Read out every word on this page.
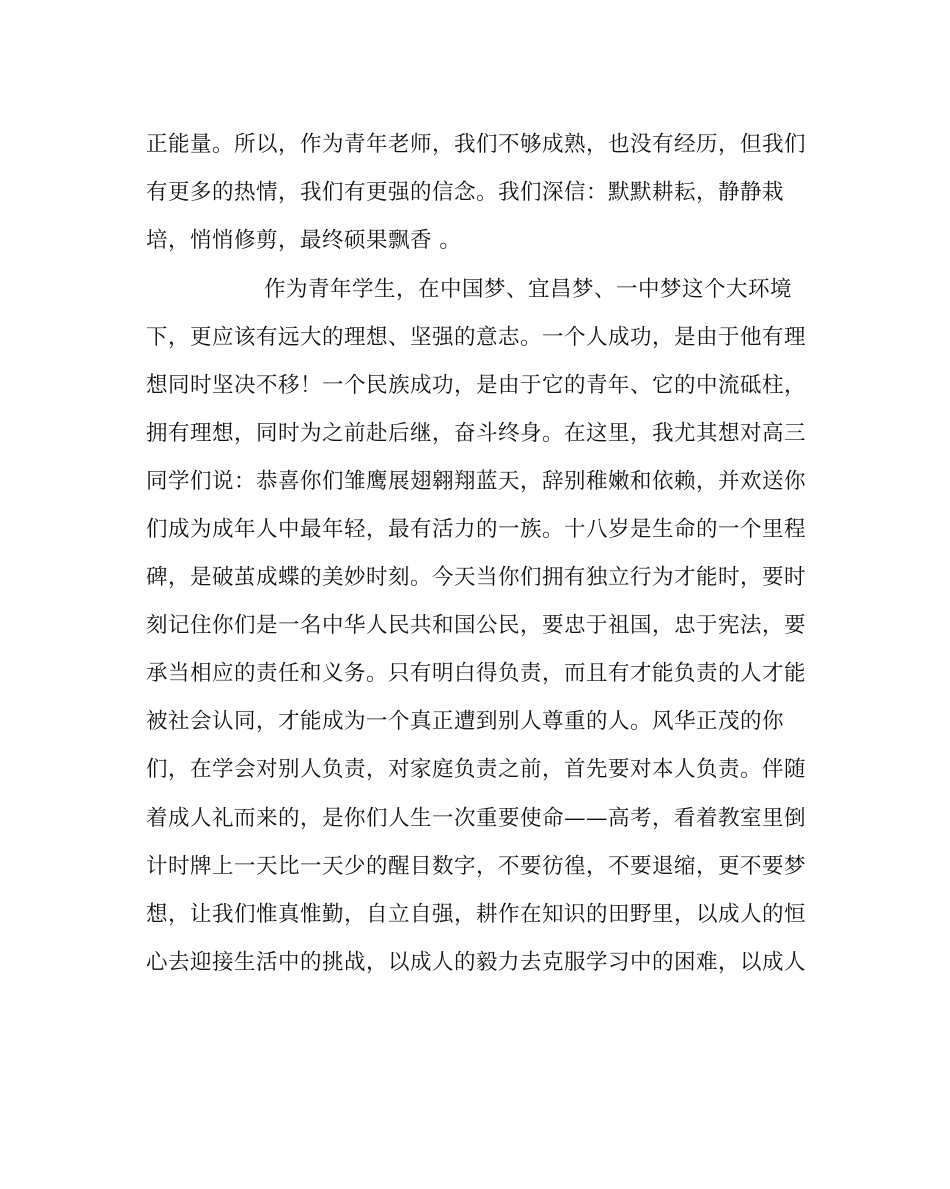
正能量。所以，作为青年老师，我们不够成熟，也没有经历，但我们
有更多的热情，我们有更强的信念。我们深信：默默耕耘，静静栽
培，悄悄修剪，最终硕果飘香 。
作为青年学生，在中国梦、宜昌梦、一中梦这个大环境
下，更应该有远大的理想、坚强的意志。一个人成功，是由于他有理
想同时坚决不移！一个民族成功，是由于它的青年、它的中流砥柱，
拥有理想，同时为之前赴后继，奋斗终身。在这里，我尤其想对高三
同学们说：恭喜你们雏鹰展翅翱翔蓝天，辞别稚嫩和依赖，并欢送你
们成为成年人中最年轻，最有活力的一族。十八岁是生命的一个里程
碑，是破茧成蝶的美妙时刻。今天当你们拥有独立行为才能时，要时
刻记住你们是一名中华人民共和国公民，要忠于祖国，忠于宪法，要
承当相应的责任和义务。只有明白得负责，而且有才能负责的人才能
被社会认同，才能成为一个真正遭到别人尊重的人。风华正茂的你
们，在学会对别人负责，对家庭负责之前，首先要对本人负责。伴随
着成人礼而来的，是你们人生一次重要使命——高考，看着教室里倒
计时牌上一天比一天少的醒目数字，不要彷徨，不要退缩，更不要梦
想，让我们惟真惟勤，自立自强，耕作在知识的田野里，以成人的恒
心去迎接生活中的挑战，以成人的毅力去克服学习中的困难，以成人
